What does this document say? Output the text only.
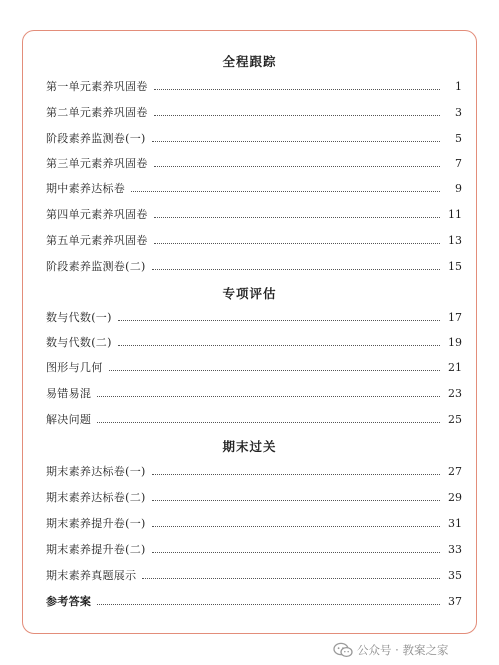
全程跟踪
第一单元素养巩固卷	1
第二单元素养巩固卷	3
阶段素养监测卷(一)	5
第三单元素养巩固卷	7
期中素养达标卷	9
第四单元素养巩固卷	11
第五单元素养巩固卷	13
阶段素养监测卷(二)	15
专项评估
数与代数(一)	17
数与代数(二)	19
图形与几何	21
易错易混	23
解决问题	25
期末过关
期末素养达标卷(一)	27
期末素养达标卷(二)	29
期末素养提升卷(一)	31
期末素养提升卷(二)	33
期末素养真题展示	35
参考答案	37
公众号 · 教案之家
